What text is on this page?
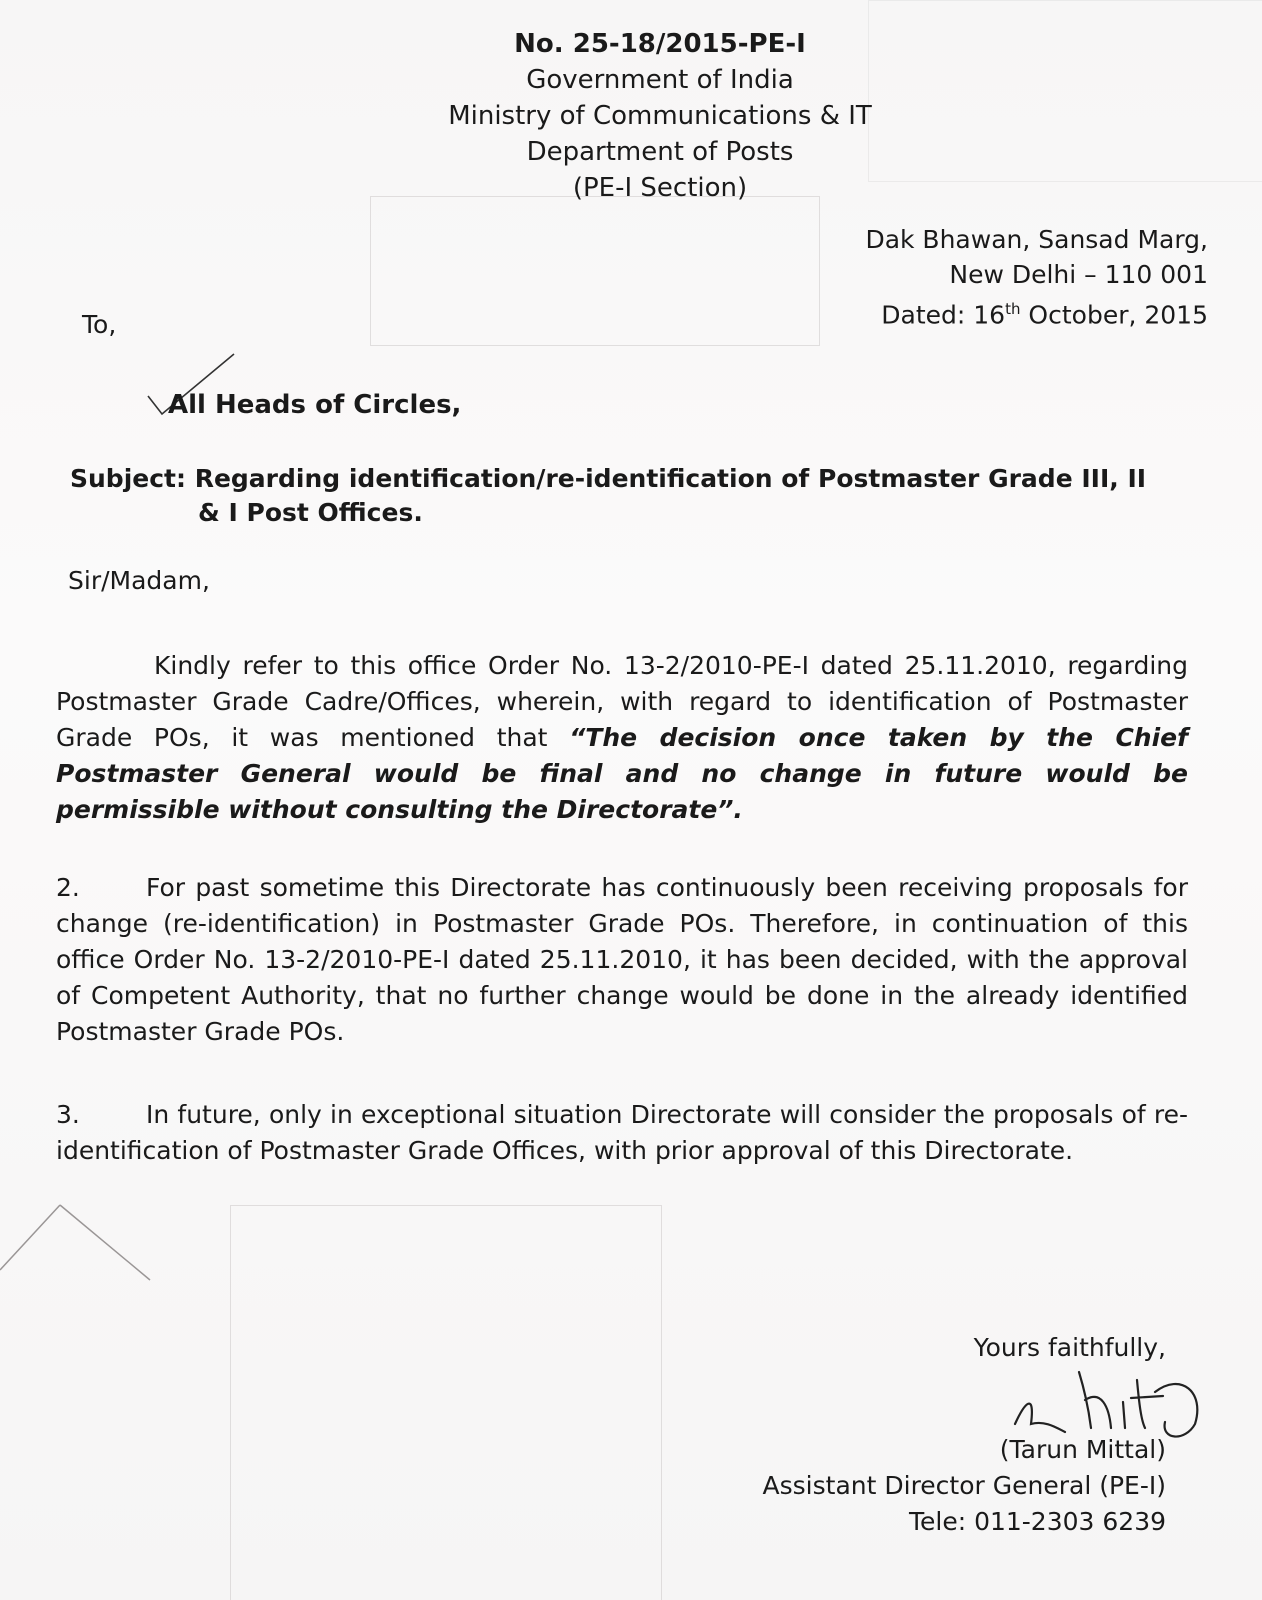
No. 25-18/2015-PE-I
Government of India
Ministry of Communications & IT
Department of Posts
(PE-I Section)
Dak Bhawan, Sansad Marg,
New Delhi – 110 001
Dated: 16th October, 2015
To,
All Heads of Circles,
Subject: Regarding identification/re-identification of Postmaster Grade III, II
& I Post Offices.
Sir/Madam,
Kindly refer to this office Order No. 13-2/2010-PE-I dated 25.11.2010, regarding Postmaster Grade Cadre/Offices, wherein, with regard to identification of Postmaster Grade POs, it was mentioned that “The decision once taken by the Chief Postmaster General would be final and no change in future would be permissible without consulting the Directorate”.
2.	For past sometime this Directorate has continuously been receiving proposals for change (re-identification) in Postmaster Grade POs. Therefore, in continuation of this office Order No. 13-2/2010-PE-I dated 25.11.2010, it has been decided, with the approval of Competent Authority, that no further change would be done in the already identified Postmaster Grade POs.
3.	In future, only in exceptional situation Directorate will consider the proposals of re-identification of Postmaster Grade Offices, with prior approval of this Directorate.
Yours faithfully,
(Tarun Mittal)
Assistant Director General (PE-I)
Tele: 011-2303 6239
